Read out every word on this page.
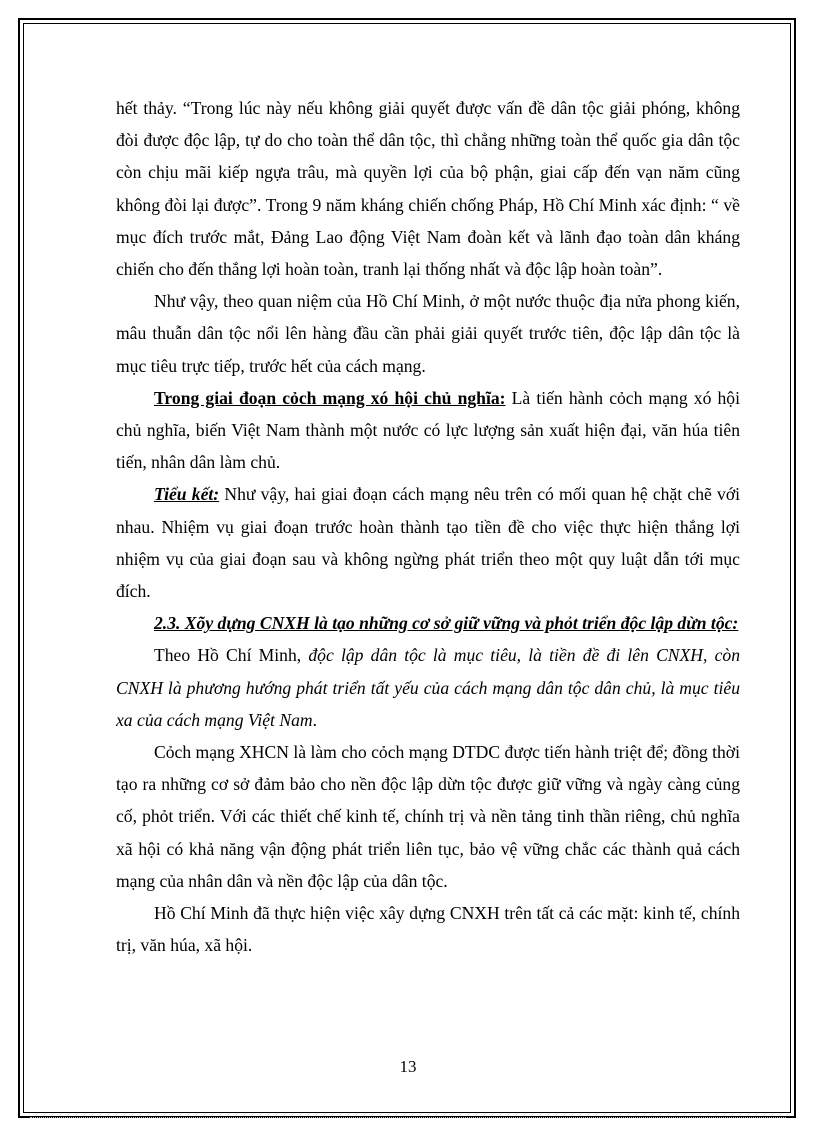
hết thảy. “Trong lúc này nếu không giải quyết được vấn đề dân tộc giải phóng, không đòi được độc lập, tự do cho toàn thể dân tộc, thì chẳng những toàn thể quốc gia dân tộc còn chịu mãi kiếp ngựa trâu, mà quyền lợi của bộ phận, giai cấp đến vạn năm cũng không đòi lại được”. Trong 9 năm kháng chiến chống Pháp, Hồ Chí Minh xác định: “ về mục đích trước mắt, Đảng Lao động Việt Nam đoàn kết và lãnh đạo toàn dân kháng chiến cho đến thắng lợi hoàn toàn, tranh lại thống nhất và độc lập hoàn toàn”.

Như vậy, theo quan niệm của Hồ Chí Minh, ở một nước thuộc địa nửa phong kiến, mâu thuẫn dân tộc nổi lên hàng đầu cần phải giải quyết trước tiên, độc lập dân tộc là mục tiêu trực tiếp, trước hết của cách mạng.

Trong giai đoạn cỏch mạng xó hội chủ nghĩa: Là tiến hành cỏch mạng xó hội chủ nghĩa, biến Việt Nam thành một nước có lực lượng sản xuất hiện đại, văn húa tiên tiến, nhân dân làm chủ.

Tiểu kết: Như vậy, hai giai đoạn cách mạng nêu trên có mối quan hệ chặt chẽ với nhau. Nhiệm vụ giai đoạn trước hoàn thành tạo tiền đề cho việc thực hiện thắng lợi nhiệm vụ của giai đoạn sau và không ngừng phát triển theo một quy luật dẫn tới mục đích.

2.3. Xõy dựng CNXH là tạo những cơ sở giữ vững và phỏt triển độc lập dừn tộc:

Theo Hồ Chí Minh, độc lập dân tộc là mục tiêu, là tiền đề đi lên CNXH, còn CNXH là phương hướng phát triển tất yếu của cách mạng dân tộc dân chủ, là mục tiêu xa của cách mạng Việt Nam.

Cỏch mạng XHCN là làm cho cỏch mạng DTDC được tiến hành triệt để; đồng thời tạo ra những cơ sở đảm bảo cho nền độc lập dừn tộc được giữ vững và ngày càng củng cố, phỏt triển. Với các thiết chế kinh tế, chính trị và nền tảng tinh thần riêng, chủ nghĩa xã hội có khả năng vận động phát triển liên tục, bảo vệ vững chắc các thành quả cách mạng của nhân dân và nền độc lập của dân tộc.

Hồ Chí Minh đã thực hiện việc xây dựng CNXH trên tất cả các mặt: kinh tế, chính trị, văn húa, xã hội.

13
